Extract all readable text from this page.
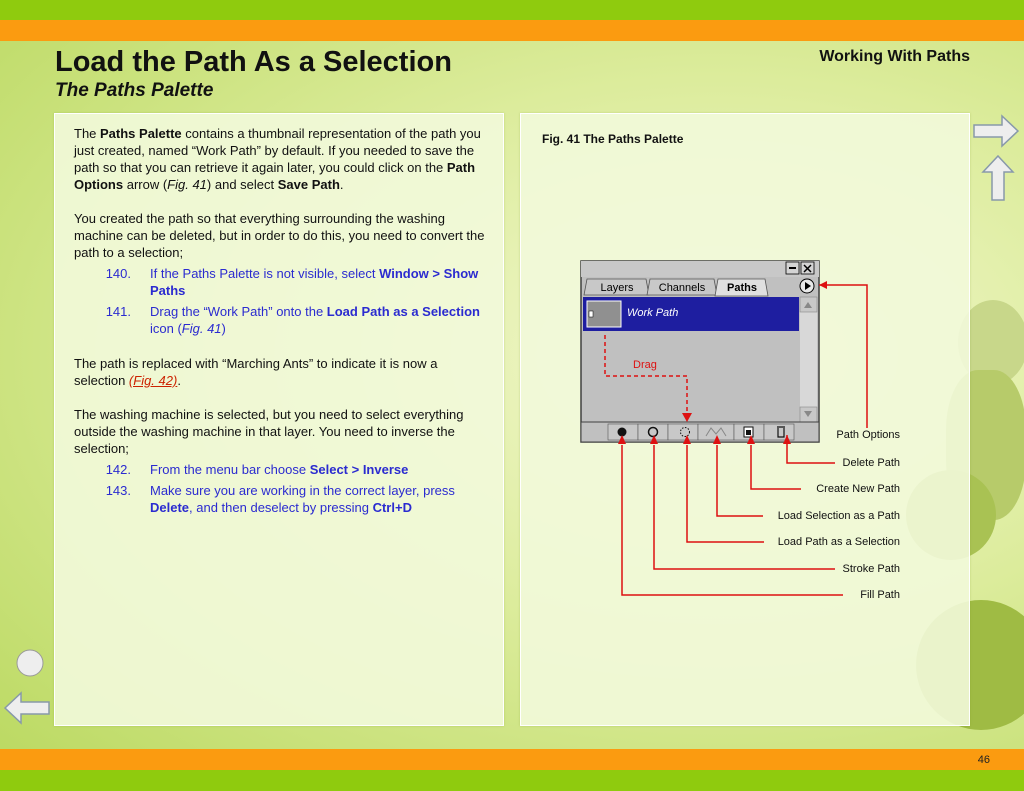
Load the Path As a Selection
The Paths Palette
Working With Paths
46

The Paths Palette contains a thumbnail representation of the path you just created, named “Work Path” by default. If you needed to save the path so that you can retrieve it again later, you could click on the Path Options arrow (Fig. 41) and select Save Path.

You created the path so that everything surrounding the washing machine can be deleted, but in order to do this, you need to convert the path to a selection;

140.	If the Paths Palette is not visible, select Window > Show Paths
141.	Drag the “Work Path” onto the Load Path as a Selection icon (Fig. 41)

The path is replaced with “Marching Ants” to indicate it is now a selection (Fig. 42).

The washing machine is selected, but you need to select everything outside the washing machine in that layer. You need to inverse the selection;

142.	From the menu bar choose Select > Inverse
143.	Make sure you are working in the correct layer, press Delete, and then deselect by pressing Ctrl+D
Fig. 41 The Paths Palette
Layers Channels Paths
Work Path
Drag
Path Options
Delete Path
Create New Path
Load Selection as a Path
Load Path as a Selection
Stroke Path
Fill Path
